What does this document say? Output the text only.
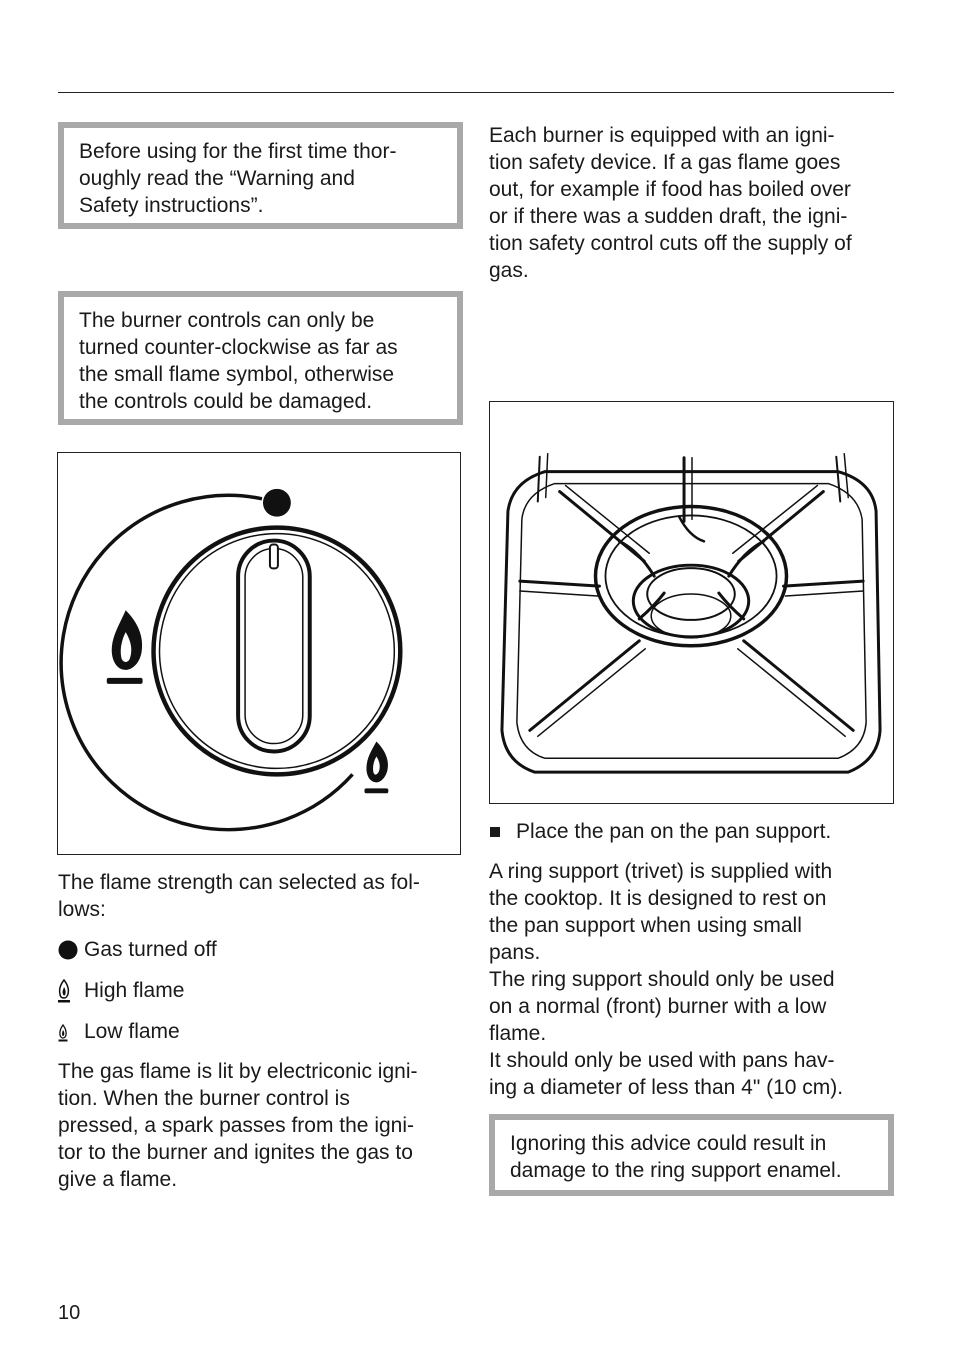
Before using for the first time thor-
oughly read the “Warning and
Safety instructions”.

The burner controls can only be
turned counter-clockwise as far as
the small flame symbol, otherwise
the controls could be damaged.

The flame strength can selected as fol-
lows:

Gas turned off
High flame
Low flame

The gas flame is lit by electriconic igni-
tion. When the burner control is
pressed, a spark passes from the igni-
tor to the burner and ignites the gas to
give a flame.

Each burner is equipped with an igni-
tion safety device. If a gas flame goes
out, for example if food has boiled over
or if there was a sudden draft, the igni-
tion safety control cuts off the supply of
gas.

Place the pan on the pan support.

A ring support (trivet) is supplied with
the cooktop. It is designed to rest on
the pan support when using small
pans.
The ring support should only be used
on a normal (front) burner with a low
flame.
It should only be used with pans hav-
ing a diameter of less than 4" (10 cm).

Ignoring this advice could result in
damage to the ring support enamel.

10
